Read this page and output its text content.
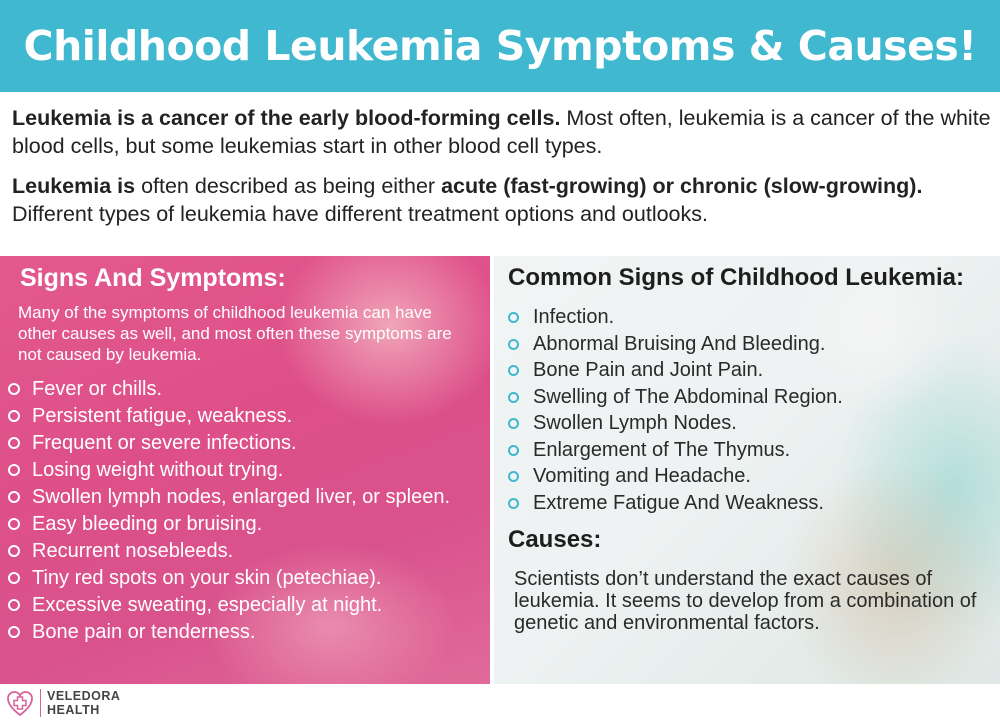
Childhood Leukemia Symptoms & Causes!

Leukemia is a cancer of the early blood-forming cells. Most often, leukemia is a cancer of the white blood cells, but some leukemias start in other blood cell types.

Leukemia is often described as being either acute (fast-growing) or chronic (slow-growing). Different types of leukemia have different treatment options and outlooks.

Signs And Symptoms:

Many of the symptoms of childhood leukemia can have other causes as well, and most often these symptoms are not caused by leukemia.

Fever or chills.
Persistent fatigue, weakness.
Frequent or severe infections.
Losing weight without trying.
Swollen lymph nodes, enlarged liver, or spleen.
Easy bleeding or bruising.
Recurrent nosebleeds.
Tiny red spots on your skin (petechiae).
Excessive sweating, especially at night.
Bone pain or tenderness.
Common Signs of Childhood Leukemia:
Infection.
Abnormal Bruising And Bleeding.
Bone Pain and Joint Pain.
Swelling of The Abdominal Region.
Swollen Lymph Nodes.
Enlargement of The Thymus.
Vomiting and Headache.
Extreme Fatigue And Weakness.
Causes:

Scientists don’t understand the exact causes of leukemia. It seems to develop from a combination of genetic and environmental factors.

VELEDORA
HEALTH
